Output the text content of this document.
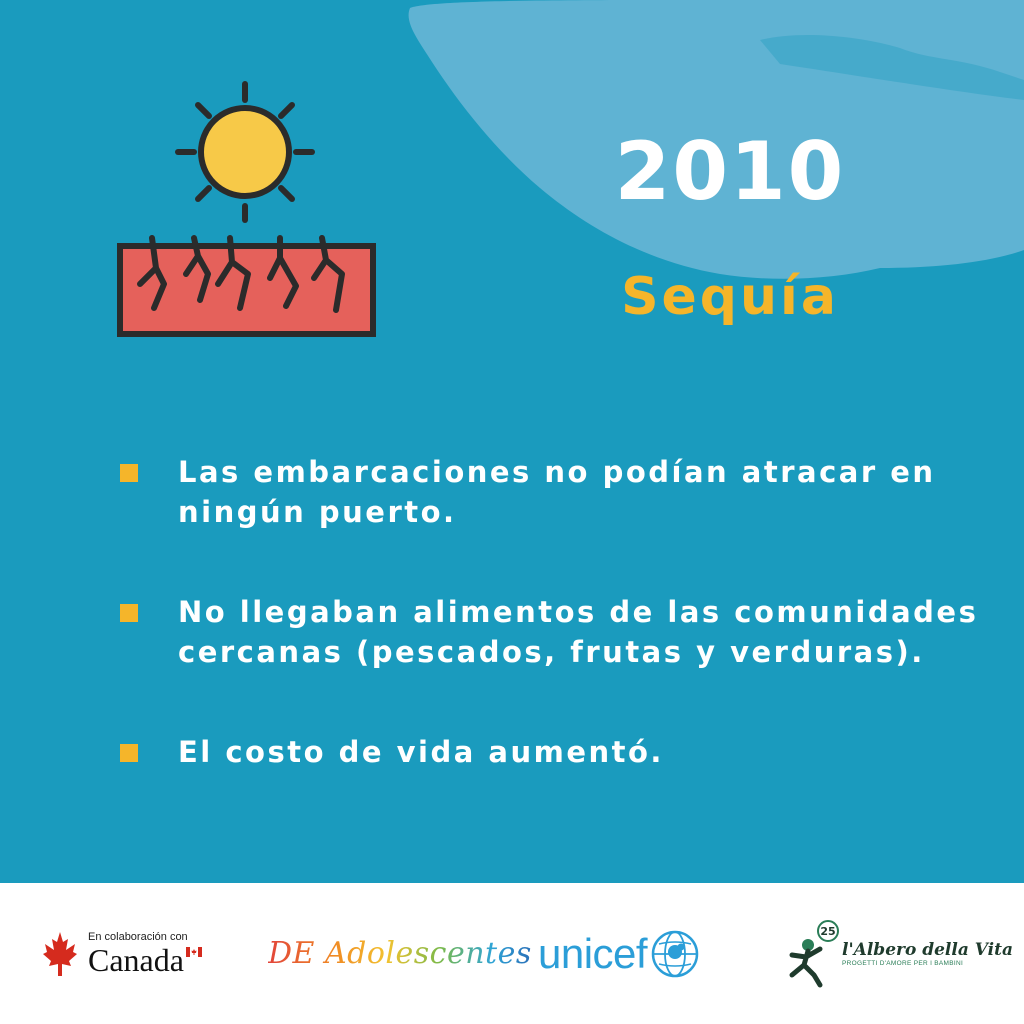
2010
Sequía
Las embarcaciones no podían atracar en ningún puerto.
No llegaban alimentos de las comunidades cercanas (pescados, frutas y verduras).
El costo de vida aumentó.
En colaboración con
Canada	DE Adolescentes unicef	25
l'Albero della Vita
PROGETTI D'AMORE PER I BAMBINI
